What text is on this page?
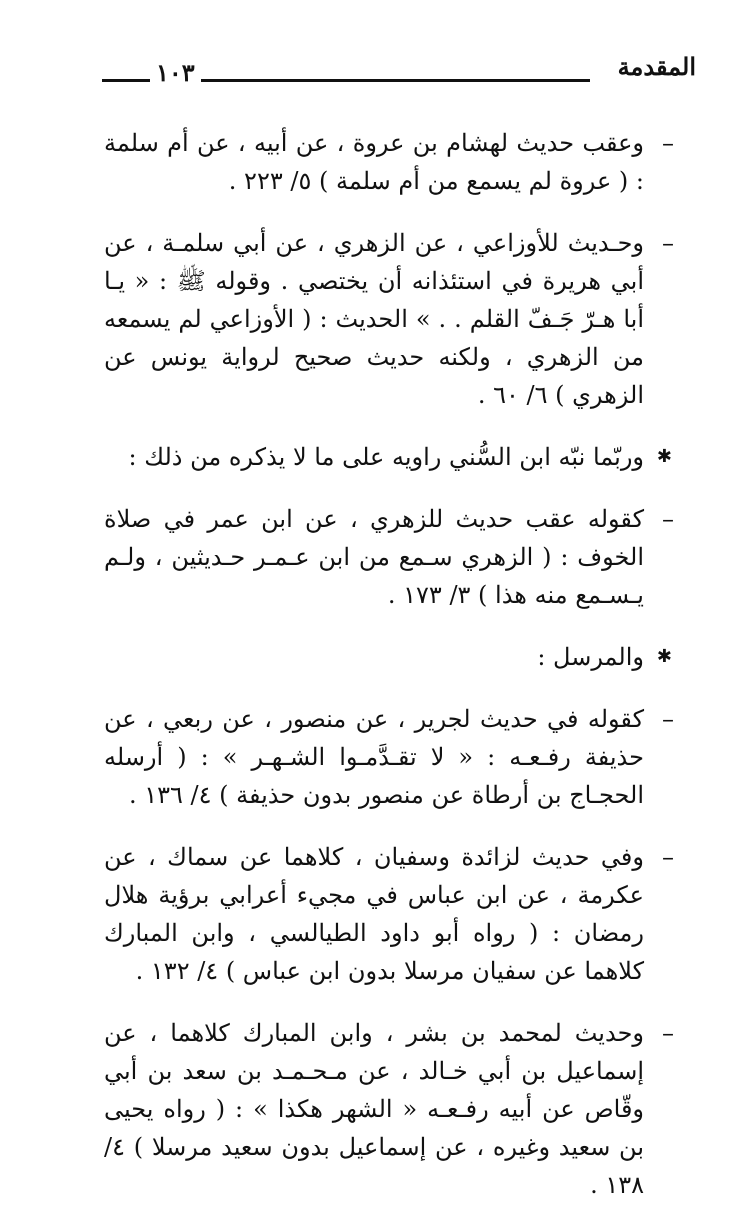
١٠٣	المقدمة

– وعقب حديث لهشام بن عروة ، عن أبيه ، عن أم سلمة : ( عروة لم يسمع من أم سلمة ) ٥/ ٢٢٣ .

– وحـديث للأوزاعي ، عن الزهري ، عن أبي سلمـة ، عن أبي هريرة في استئذانه أن يختصي . وقوله ﷺ : « يـا أبا هـرّ جَـفّ القلم . . » الحديث : ( الأوزاعي لم يسمعه من الزهري ، ولكنه حديث صحيح لرواية يونس عن الزهري ) ٦/ ٦٠ .

✱ وربّما نبّه ابن السُّني راويه على ما لا يذكره من ذلك :

– كقوله عقب حديث للزهري ، عن ابن عمر في صلاة الخوف : ( الزهري سـمع من ابن عـمـر حـديثين ، ولـم يـسـمع منه هذا ) ٣/ ١٧٣ .

✱ والمرسل :

– كقوله في حديث لجرير ، عن منصور ، عن ربعي ، عن حذيفة رفـعـه : « لا تقـدَّمـوا الشـهـر » : ( أرسله الحجـاج بن أرطاة عن منصور بدون حذيفة ) ٤/ ١٣٦ .

– وفي حديث لزائدة وسفيان ، كلاهما عن سماك ، عن عكرمة ، عن ابن عباس في مجيء أعرابي برؤية هلال رمضان : ( رواه أبو داود الطيالسي ، وابن المبارك كلاهما عن سفيان مرسلا بدون ابن عباس ) ٤/ ١٣٢ .

– وحديث لمحمد بن بشر ، وابن المبارك كلاهما ، عن إسماعيل بن أبي خـالد ، عن مـحـمـد بن سعد بن أبي وقّاص عن أبيه رفـعـه « الشهر هكذا » : ( رواه يحيى بن سعيد وغيره ، عن إسماعيل بدون سعيد مرسلا ) ٤/ ١٣٨ .
